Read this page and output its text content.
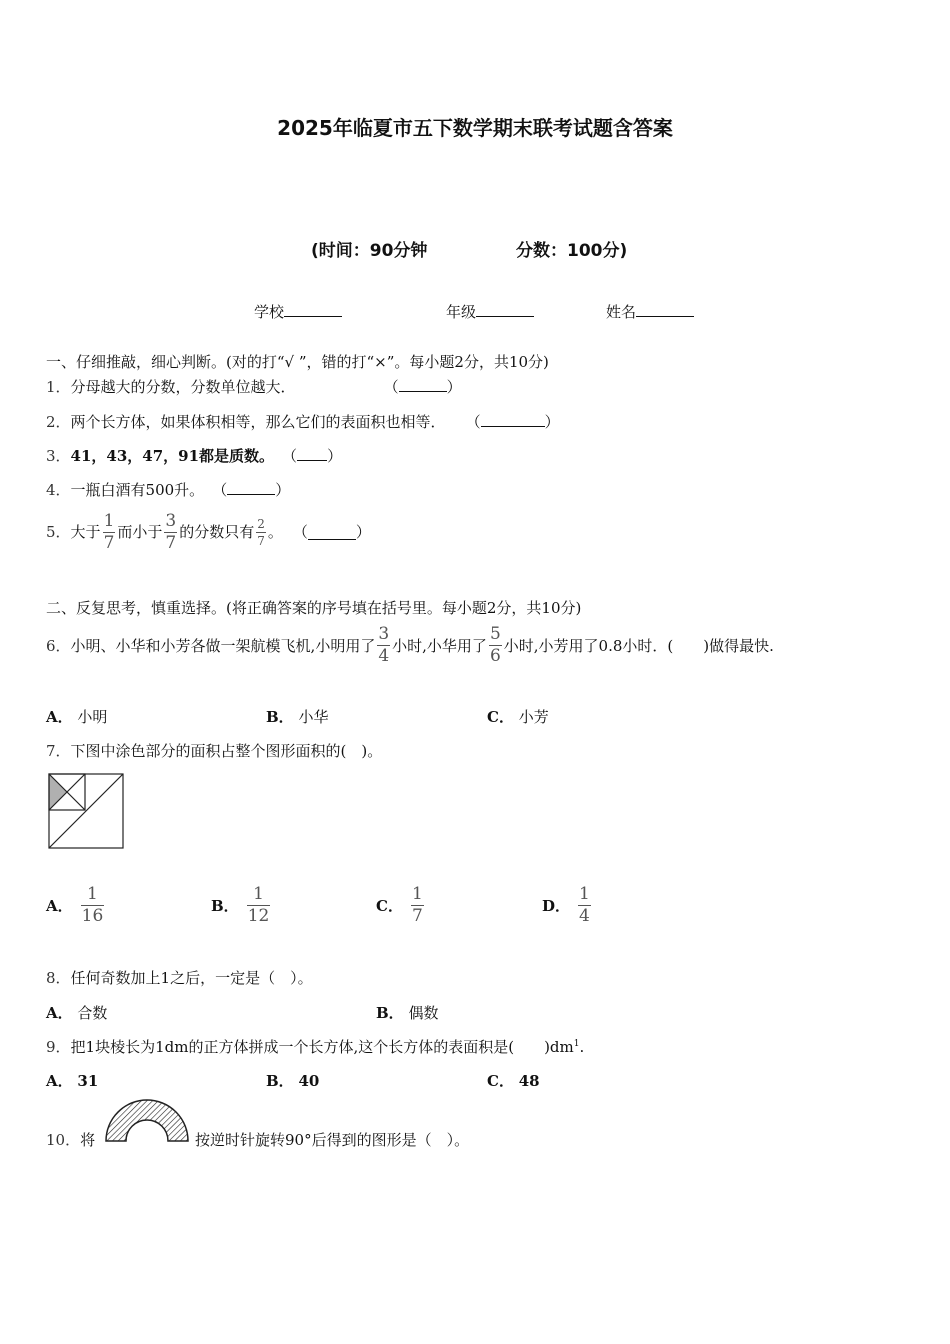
2025年临夏市五下数学期末联考试题含答案
(时间：90分钟	分数：100分)
学校	年级	姓名
一、仔细推敲，细心判断。(对的打“√ ”，错的打“×”。每小题2分，共10分)
1．分母越大的分数，分数单位越大．	（	）
2．两个长方体，如果体积相等，那么它们的表面积也相等． （	）
3．41，43，47，91都是质数。 （ ）
4．一瓶白酒有500升。 （	）
5． 大于 $\frac{1}{7}$ 而小于 $\frac{3}{7}$ 的分数只有 $\frac{2}{7}$ 。 （	）
二、反复思考，慎重选择。(将正确答案的序号填在括号里。每小题2分，共10分)
6． 小明、小华和小芳各做一架航模飞机,小明用了 $\frac{3}{4}$ 小时,小华用了 $\frac{5}{6}$ 小时,小芳用了0.8小时．(　　)做得最快.
A． 小明	B． 小华	C． 小芳
7．下图中涂色部分的面积占整个图形面积的(　)。
A． $\frac{1}{16}$	B． $\frac{1}{12}$	C． $\frac{1}{7}$	D． $\frac{1}{4}$
8．任何奇数加上1之后，一定是（　）。
A． 合数	B． 偶数
9．把1块棱长为1dm的正方体拼成一个长方体,这个长方体的表面积是(　　)$dm^1$.
A． 31	B． 40	C． 48
10．将	按逆时针旋转90°后得到的图形是（　）。
